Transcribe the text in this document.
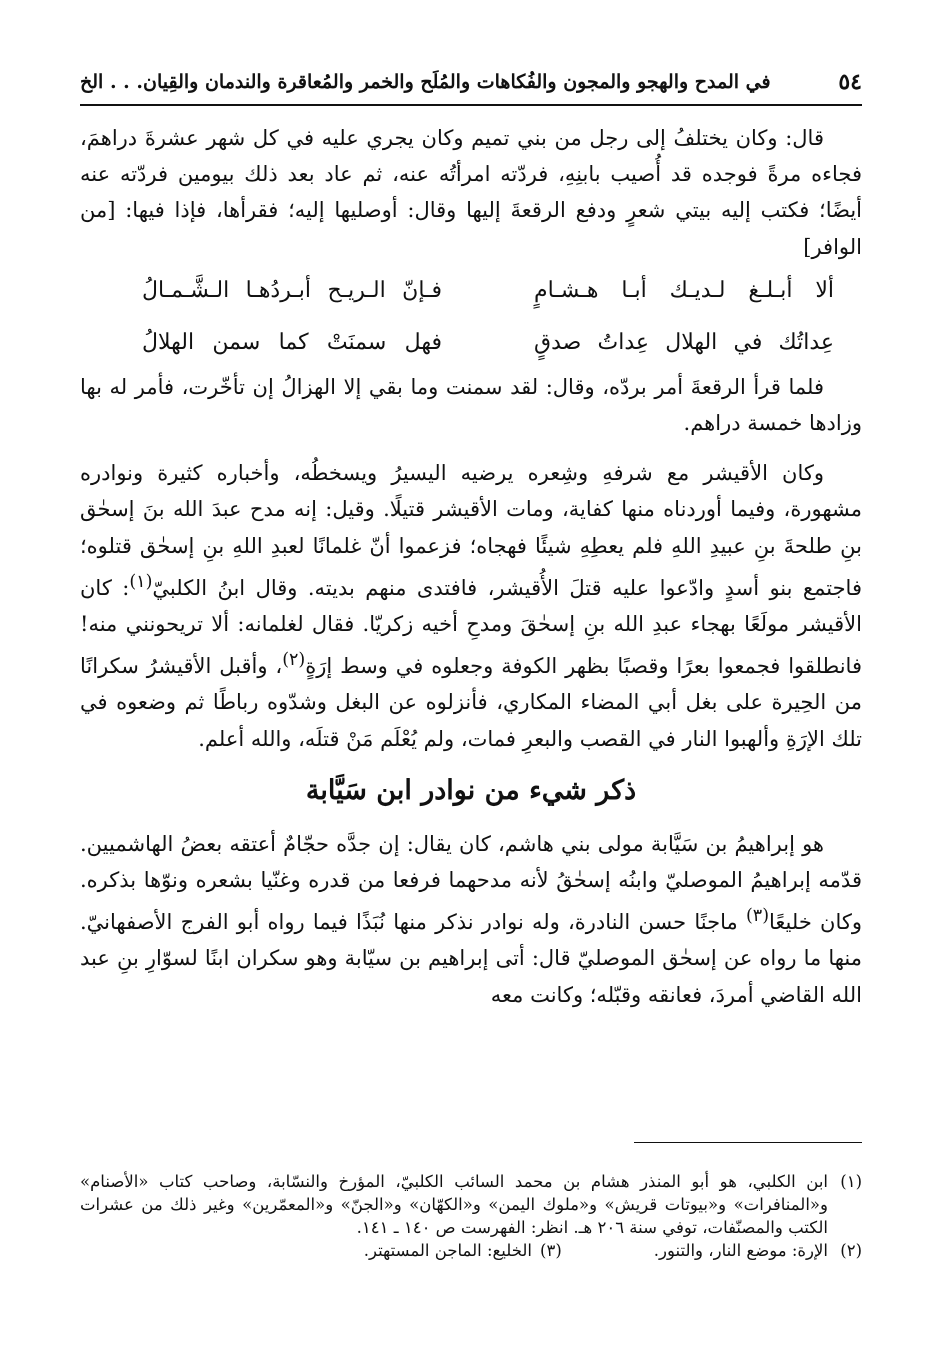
٥٤
في المدح والهجو والمجون والفُكاهات والمُلَح والخمر والمُعاقرة والندمان والقِيان. . . الخ

قال: وكان يختلفُ إلى رجل من بني تميم وكان يجري عليه في كل شهر عشرةَ دراهمَ، فجاءه مرةً فوجده قد أُصيب بابنِهِ، فردّته امرأتُه عنه، ثم عاد بعد ذلك بيومين فردّته عنه أيضًا؛ فكتب إليه بيتي شعرٍ ودفع الرقعةَ إليها وقال: أوصليها إليه؛ فقرأها، فإذا فيها: [من الوافر]

ألا أبـلـغ لـديـك أبـا هـشـامٍ
فـإنّ الـريـح أبـردُهـا الـشَّـمـالُ
عِداتُك في الهلال عِداتُ صدقٍ
فهل سمنَتْ كما سمن الهلالُ

فلما قرأ الرقعةَ أمر بردّه، وقال: لقد سمنت وما بقي إلا الهزالُ إن تأخّرت، فأمر له بها وزادها خمسة دراهم.

وكان الأقيشر مع شرفهِ وشِعره يرضيه اليسيرُ ويسخطُه، وأخباره كثيرة ونوادره مشهورة، وفيما أوردناه منها كفاية، ومات الأقيشر قتيلًا. وقيل: إنه مدح عبدَ الله بنَ إسحٰق بنِ طلحةَ بنِ عبيدِ اللهِ فلم يعطِهِ شيئًا فهجاه؛ فزعموا أنّ غلمانًا لعبدِ اللهِ بنِ إسحٰق قتلوه؛ فاجتمع بنو أسدٍ وادّعوا عليه قتلَ الأُقيشر، فافتدى منهم بديته. وقال ابنُ الكلبيّ$^{(١)}$: كان الأقيشر مولَعًا بهجاء عبدِ الله بنِ إسحٰقَ ومدحِ أخيه زكريّا. فقال لغلمانه: ألا تريحونني منه! فانطلقوا فجمعوا بعرًا وقصبًا بظهر الكوفة وجعلوه في وسط إرَةٍ$^{(٢)}$، وأقبل الأقيشرُ سكرانًا من الحِيرة على بغل أبي المضاء المكاري، فأنزلوه عن البغل وشدّوه رباطًا ثم وضعوه في تلك الإرَةِ وألهبوا النار في القصب والبعرِ فمات، ولم يُعْلَم مَنْ قتلَه، والله أعلم.

ذكر شيء من نوادر ابن سَيَّابة

هو إبراهيمُ بن سَيَّابة مولى بني هاشم، كان يقال: إن جدَّه حجّامٌ أعتقه بعضُ الهاشميين. قدّمه إبراهيمُ الموصليّ وابنُه إسحٰقُ لأنه مدحهما فرفعا من قدره وغنّيا بشعره ونوّها بذكره. وكان خليعًا$^{(٣)}$ ماجنًا حسن النادرة، وله نوادر نذكر منها نُبَذًا فيما رواه أبو الفرج الأصفهانيّ. منها ما رواه عن إسحٰق الموصليّ قال: أتى إبراهيم بن سيّابة وهو سكران ابنًا لسوّارِ بنِ عبد الله القاضي أمردَ، فعانقه وقبّله؛ وكانت معه

(١)
ابن الكلبي، هو أبو المنذر هشام بن محمد السائب الكلبيّ، المؤرخ والنسّابة، وصاحب كتاب «الأصنام» و«المنافرات» و«بيوتات قريش» و«ملوك اليمن» و«الكهّان» و«الجنّ» و«المعمّرين» وغير ذلك من عشرات الكتب والمصنّفات، توفي سنة ٢٠٦ هـ. انظر: الفهرست ص ١٤٠ ـ ١٤١.
(٢)
الإرة: موضع النار، والتنور.
(٣)
الخليع: الماجن المستهتر.
